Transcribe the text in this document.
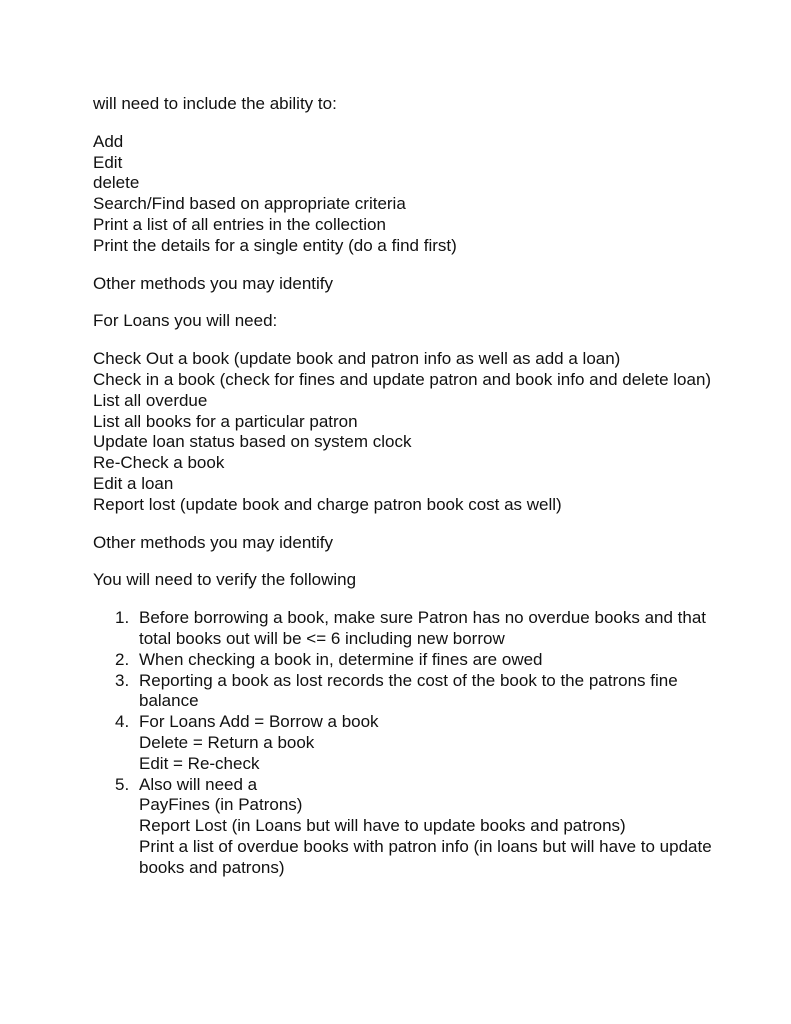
will need to include the ability to:
Add
Edit
delete
Search/Find based on appropriate criteria
Print a list of all entries in the collection
Print the details for a single entity (do a find first)
Other methods you may identify
For Loans you will need:
Check Out a book (update book and patron info as well as add a loan)
Check in a book (check for fines and update patron and book info and delete loan)
List all overdue
List all books for a particular patron
Update loan status based on system clock
Re-Check a book
Edit a loan
Report lost (update book and charge patron book cost as well)
Other methods you may identify
You will need to verify the following
1. Before borrowing a book, make sure Patron has no overdue books and that
total books out will be <= 6 including new borrow
2. When checking a book in, determine if fines are owed
3. Reporting a book as lost records the cost of the book to the patrons fine
balance
4. For Loans Add = Borrow a book
Delete = Return a book
Edit = Re-check
5. Also will need a
PayFines (in Patrons)
Report Lost (in Loans but will have to update books and patrons)
Print a list of overdue books with patron info (in loans but will have to update
books and patrons)
